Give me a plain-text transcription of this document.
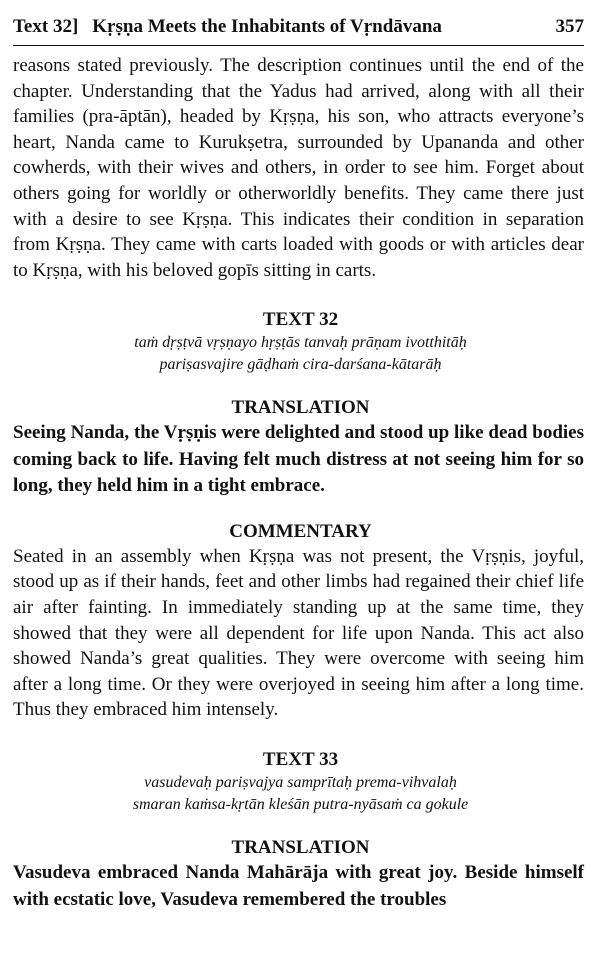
Text 32] Kṛṣṇa Meets the Inhabitants of Vṛndāvana	357

reasons stated previously. The description continues until the end of the chapter. Understanding that the Yadus had arrived, along with all their families (pra-āptān), headed by Kṛṣṇa, his son, who attracts everyone’s heart, Nanda came to Kurukṣetra, surrounded by Upananda and other cowherds, with their wives and others, in order to see him. Forget about others going for worldly or otherworldly benefits. They came there just with a desire to see Kṛṣṇa. This indicates their condition in separation from Kṛṣṇa. They came with carts loaded with goods or with articles dear to Kṛṣṇa, with his beloved gopīs sitting in carts.

TEXT 32

taṁ dṛṣṭvā vṛṣṇayo hṛṣṭās tanvaḥ prāṇam ivotthitāḥ

pariṣasvajire gāḍhaṁ cira-darśana-kātarāḥ

TRANSLATION

Seeing Nanda, the Vṛṣṇis were delighted and stood up like dead bodies coming back to life. Having felt much distress at not seeing him for so long, they held him in a tight embrace.

COMMENTARY

Seated in an assembly when Kṛṣṇa was not present, the Vṛṣṇis, joyful, stood up as if their hands, feet and other limbs had regained their chief life air after fainting. In immediately standing up at the same time, they showed that they were all dependent for life upon Nanda. This act also showed Nanda’s great qualities. They were overcome with seeing him after a long time. Or they were overjoyed in seeing him after a long time. Thus they embraced him intensely.

TEXT 33

vasudevaḥ pariṣvajya samprītaḥ prema-vihvalaḥ

smaran kaṁsa-kṛtān kleśān putra-nyāsaṁ ca gokule

TRANSLATION

Vasudeva embraced Nanda Mahārāja with great joy. Beside himself with ecstatic love, Vasudeva remembered the troubles
